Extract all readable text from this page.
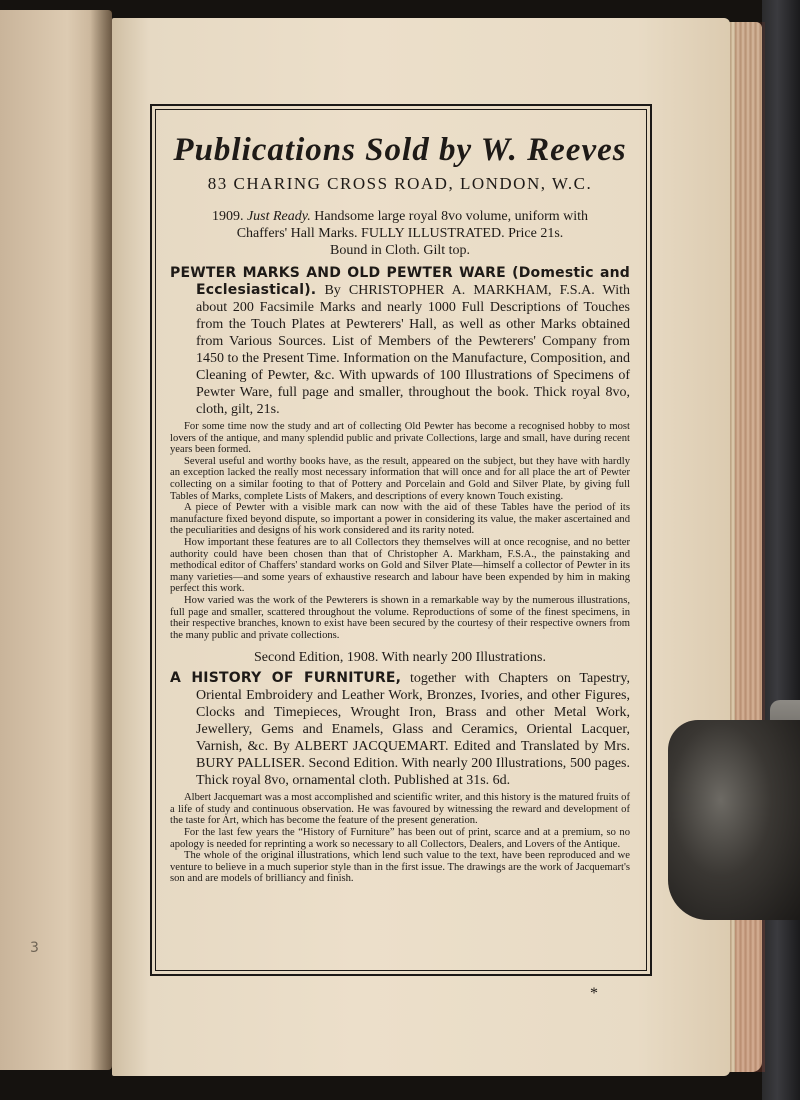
3
Publications Sold by W. Reeves
83 CHARING CROSS ROAD, LONDON, W.C.
1909. Just Ready. Handsome large royal 8vo volume, uniform with
Chaffers' Hall Marks. FULLY ILLUSTRATED. Price 21s.
Bound in Cloth. Gilt top.

PEWTER MARKS AND OLD PEWTER WARE (Domestic and Ecclesiastical). By CHRISTOPHER A. MARKHAM, F.S.A. With about 200 Facsimile Marks and nearly 1000 Full Descriptions of Touches from the Touch Plates at Pewterers' Hall, as well as other Marks obtained from Various Sources. List of Members of the Pewterers' Company from 1450 to the Present Time. Information on the Manufacture, Composition, and Cleaning of Pewter, &c. With upwards of 100 Illustrations of Specimens of Pewter Ware, full page and smaller, throughout the book. Thick royal 8vo, cloth, gilt, 21s.

For some time now the study and art of collecting Old Pewter has become a recognised hobby to most lovers of the antique, and many splendid public and private Collections, large and small, have during recent years been formed.

Several useful and worthy books have, as the result, appeared on the subject, but they have with hardly an exception lacked the really most necessary information that will once and for all place the art of Pewter collecting on a similar footing to that of Pottery and Porcelain and Gold and Silver Plate, by giving full Tables of Marks, complete Lists of Makers, and descriptions of every known Touch existing.

A piece of Pewter with a visible mark can now with the aid of these Tables have the period of its manufacture fixed beyond dispute, so important a power in considering its value, the maker ascertained and the peculiarities and designs of his work considered and its rarity noted.

How important these features are to all Collectors they themselves will at once recognise, and no better authority could have been chosen than that of Christopher A. Markham, F.S.A., the painstaking and methodical editor of Chaffers' standard works on Gold and Silver Plate—himself a collector of Pewter in its many varieties—and some years of exhaustive research and labour have been expended by him in making perfect this work.

How varied was the work of the Pewterers is shown in a remarkable way by the numerous illustrations, full page and smaller, scattered throughout the volume. Reproductions of some of the finest specimens, in their respective branches, known to exist have been secured by the courtesy of their respective owners from the many public and private collections.

Second Edition, 1908. With nearly 200 Illustrations.

A HISTORY OF FURNITURE, together with Chapters on Tapestry, Oriental Embroidery and Leather Work, Bronzes, Ivories, and other Figures, Clocks and Timepieces, Wrought Iron, Brass and other Metal Work, Jewellery, Gems and Enamels, Glass and Ceramics, Oriental Lacquer, Varnish, &c. By ALBERT JACQUEMART. Edited and Translated by Mrs. BURY PALLISER. Second Edition. With nearly 200 Illustrations, 500 pages. Thick royal 8vo, ornamental cloth. Published at 31s. 6d.

Albert Jacquemart was a most accomplished and scientific writer, and this history is the matured fruits of a life of study and continuous observation. He was favoured by witnessing the reward and development of the taste for Art, which has become the feature of the present generation.

For the last few years the “History of Furniture” has been out of print, scarce and at a premium, so no apology is needed for reprinting a work so necessary to all Collectors, Dealers, and Lovers of the Antique.

The whole of the original illustrations, which lend such value to the text, have been reproduced and we venture to believe in a much superior style than in the first issue. The drawings are the work of Jacquemart's son and are models of brilliancy and finish.

*
